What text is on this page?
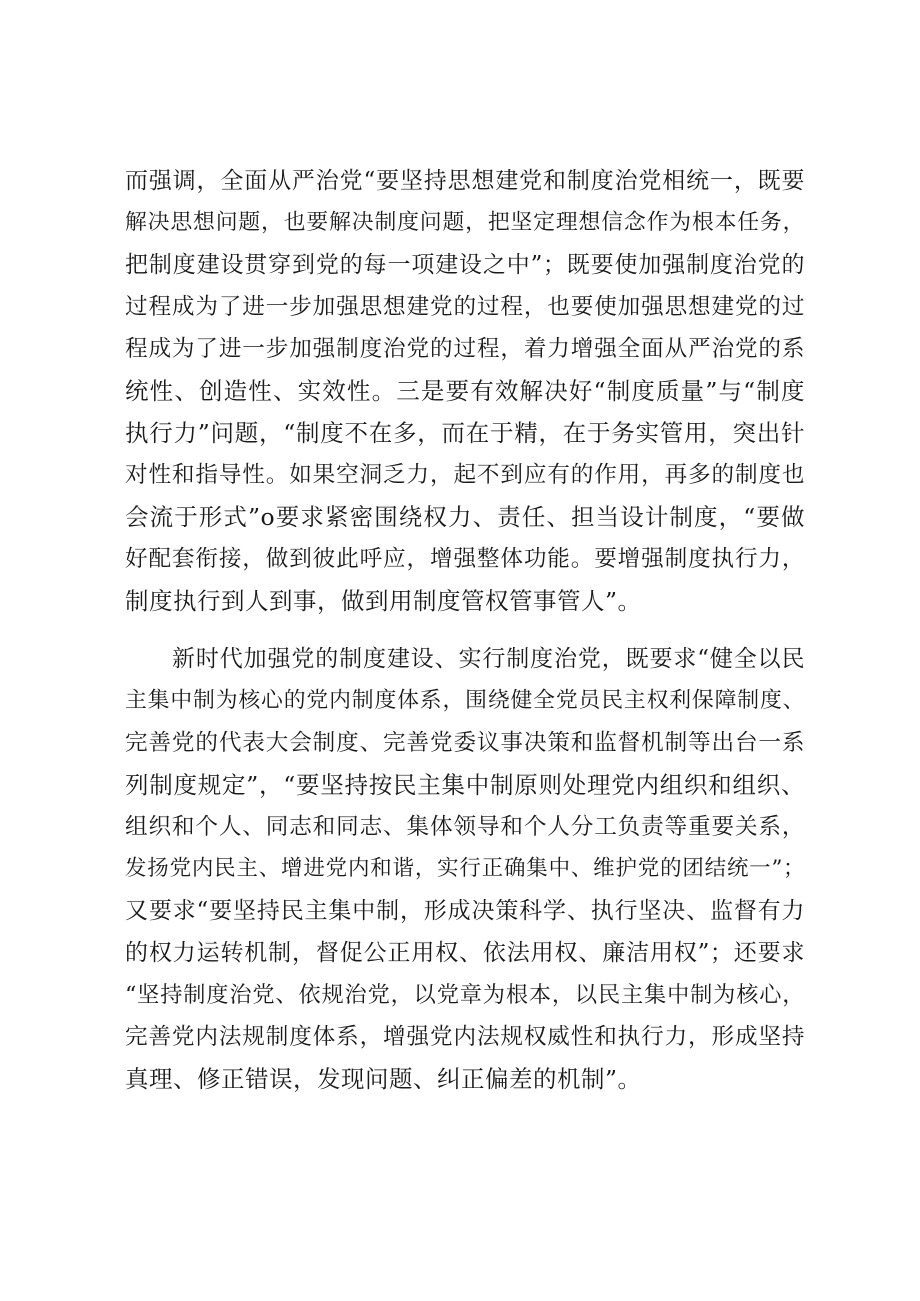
而强调，全面从严治党“要坚持思想建党和制度治党相统一，既要
解决思想问题，也要解决制度问题，把坚定理想信念作为根本任务，
把制度建设贯穿到党的每一项建设之中”；既要使加强制度治党的
过程成为了进一步加强思想建党的过程，也要使加强思想建党的过
程成为了进一步加强制度治党的过程，着力增强全面从严治党的系
统性、创造性、实效性。三是要有效解决好“制度质量”与“制度
执行力”问题，“制度不在多，而在于精，在于务实管用，突出针
对性和指导性。如果空洞乏力，起不到应有的作用，再多的制度也
会流于形式”o要求紧密围绕权力、责任、担当设计制度，“要做
好配套衔接，做到彼此呼应，增强整体功能。要增强制度执行力，
制度执行到人到事，做到用制度管权管事管人”。
新时代加强党的制度建设、实行制度治党，既要求“健全以民
主集中制为核心的党内制度体系，围绕健全党员民主权利保障制度、
完善党的代表大会制度、完善党委议事决策和监督机制等出台一系
列制度规定”，“要坚持按民主集中制原则处理党内组织和组织、
组织和个人、同志和同志、集体领导和个人分工负责等重要关系，
发扬党内民主、增进党内和谐，实行正确集中、维护党的团结统一”；
又要求“要坚持民主集中制，形成决策科学、执行坚决、监督有力
的权力运转机制，督促公正用权、依法用权、廉洁用权”；还要求
“坚持制度治党、依规治党，以党章为根本，以民主集中制为核心，
完善党内法规制度体系，增强党内法规权威性和执行力，形成坚持
真理、修正错误，发现问题、纠正偏差的机制”。
